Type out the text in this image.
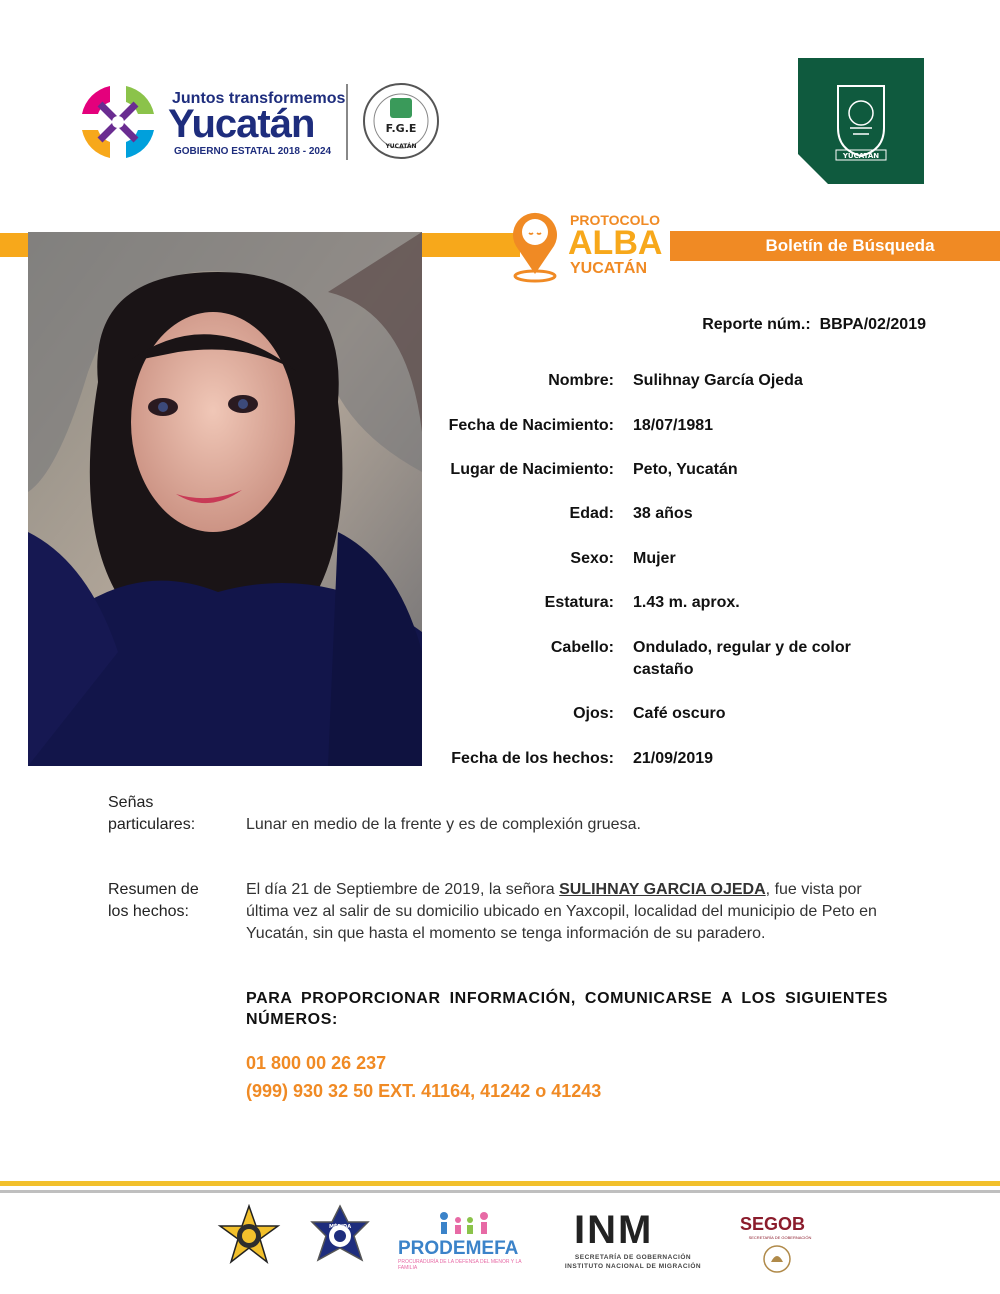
Juntos transformemos
Yucatán
GOBIERNO ESTATAL 2018 - 2024
F.G.E
YUCATÁN
YUCATÁN
Boletín de Búsqueda
PROTOCOLO
ALBA
YUCATÁN
Reporte núm.: BBPA/02/2019
Nombre: Sulihnay García Ojeda
Fecha de Nacimiento: 18/07/1981
Lugar de Nacimiento: Peto, Yucatán
Edad: 38 años
Sexo: Mujer
Estatura: 1.43 m. aprox.
Cabello: Ondulado, regular y de color castaño
Ojos: Café oscuro
Fecha de los hechos: 21/09/2019
Señas
particulares:	Lunar en medio de la frente y es de complexión gruesa.
Resumen de
los hechos:
El día 21 de Septiembre de 2019, la señora SULIHNAY GARCIA OJEDA, fue vista por última vez al salir de su domicilio ubicado en Yaxcopil, localidad del municipio de Peto en Yucatán, sin que hasta el momento se tenga información de su paradero.
PARA PROPORCIONAR INFORMACIÓN, COMUNICARSE A LOS SIGUIENTES NÚMEROS:
01 800 00 26 237
(999) 930 32 50 EXT. 41164, 41242 o 41243
MÉRIDA
PRODEMEFA
PROCURADURÍA DE LA DEFENSA DEL MENOR Y LA FAMILIA
INM
SECRETARÍA DE GOBERNACIÓN
INSTITUTO NACIONAL DE MIGRACIÓN
SEGOB
SECRETARÍA DE GOBERNACIÓN
